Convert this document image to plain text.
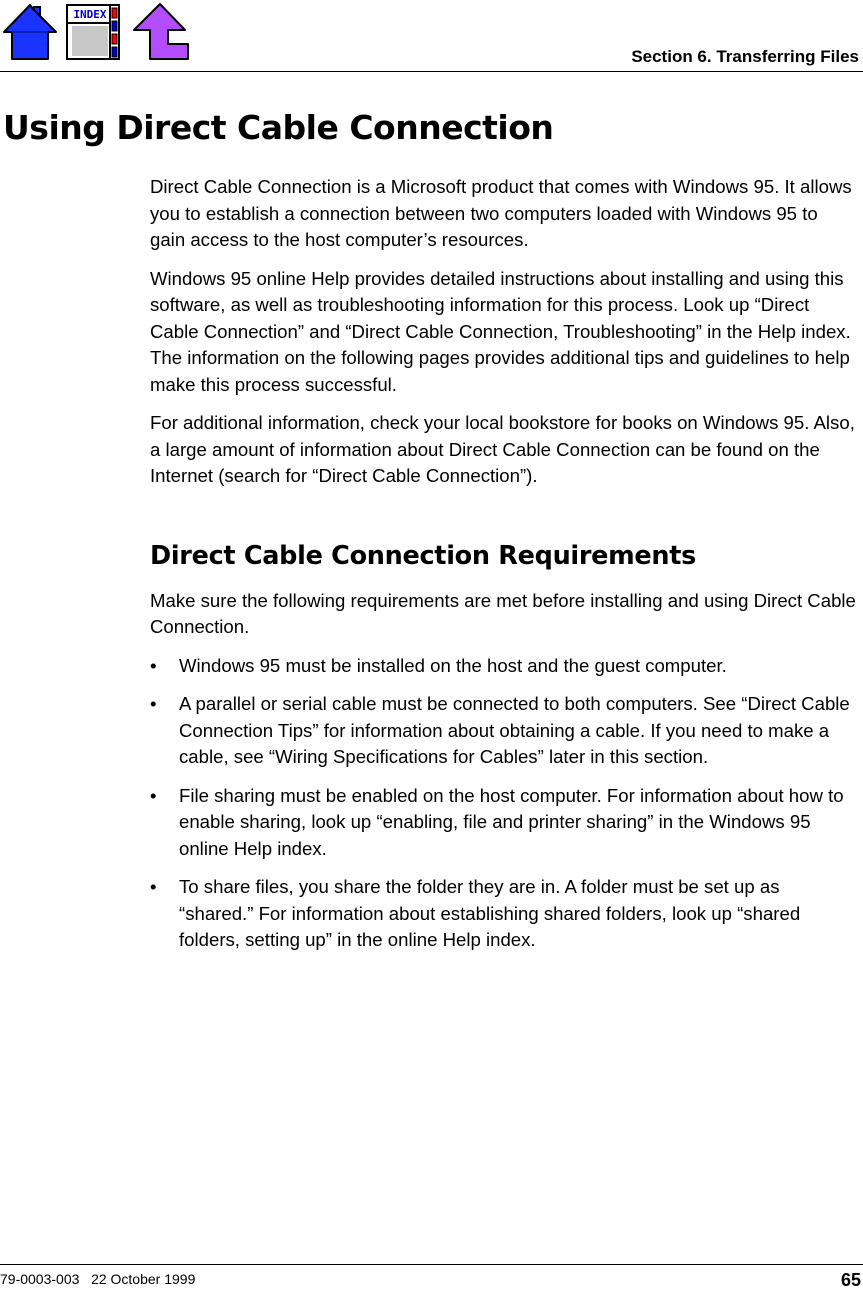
INDEX
Section 6. Transferring Files
Using Direct Cable Connection

Direct Cable Connection is a Microsoft product that comes with Windows 95. It allows you to establish a connection between two computers loaded with Windows 95 to gain access to the host computer’s resources.

Windows 95 online Help provides detailed instructions about installing and using this software, as well as troubleshooting information for this process. Look up “Direct Cable Connection” and “Direct Cable Connection, Troubleshooting” in the Help index. The information on the following pages provides additional tips and guidelines to help make this process successful.

For additional information, check your local bookstore for books on Windows 95. Also, a large amount of information about Direct Cable Connection can be found on the Internet (search for “Direct Cable Connection”).

Direct Cable Connection Requirements

Make sure the following requirements are met before installing and using Direct Cable Connection.

• Windows 95 must be installed on the host and the guest computer.
• A parallel or serial cable must be connected to both computers. See “Direct Cable Connection Tips” for information about obtaining a cable. If you need to make a cable, see “Wiring Specifications for Cables” later in this section.
• File sharing must be enabled on the host computer. For information about how to enable sharing, look up “enabling, file and printer sharing” in the Windows 95 online Help index.
• To share files, you share the folder they are in. A folder must be set up as “shared.” For information about establishing shared folders, look up “shared folders, setting up” in the online Help index.
79-0003-003   22 October 1999	65
